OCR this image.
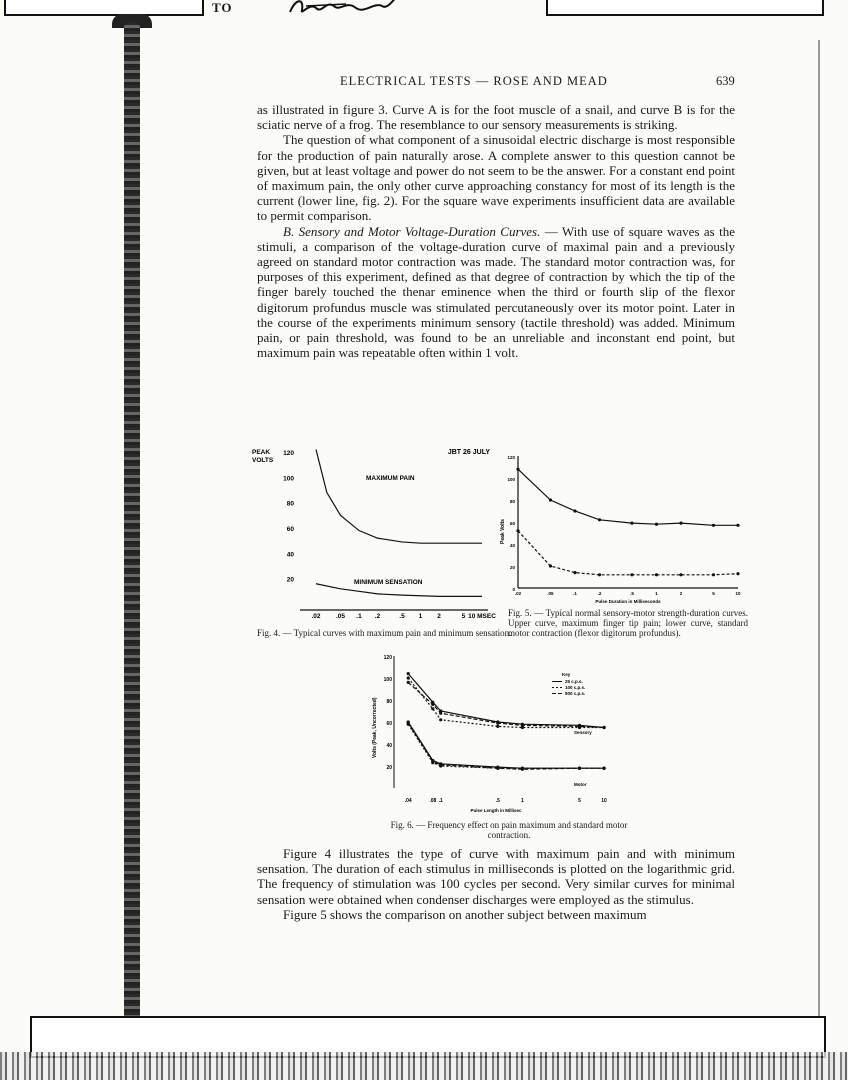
TO
ELECTRICAL TESTS — ROSE AND MEAD	639

as illustrated in figure 3. Curve A is for the foot muscle of a snail, and curve B is for the sciatic nerve of a frog. The resemblance to our sensory measurements is striking.

The question of what component of a sinusoidal electric discharge is most responsible for the production of pain naturally arose. A complete answer to this question cannot be given, but at least voltage and power do not seem to be the answer. For a constant end point of maximum pain, the only other curve approaching constancy for most of its length is the current (lower line, fig. 2). For the square wave experiments insufficient data are available to permit comparison.

B. Sensory and Motor Voltage-Duration Curves. — With use of square waves as the stimuli, a comparison of the voltage-duration curve of maximal pain and a previously agreed on standard motor contraction was made. The standard motor contraction was, for purposes of this experiment, defined as that degree of contraction by which the tip of the finger barely touched the thenar eminence when the third or fourth slip of the flexor digitorum profundus muscle was stimulated percutaneously over its motor point. Later in the course of the experiments minimum sensory (tactile threshold) was added. Minimum pain, or pain threshold, was found to be an unreliable and inconstant end point, but maximum pain was repeatable often within 1 volt.

120
100
80
60
40
20
.02 .05 .1 .2	.5 1 2	5 10 MSEC
PEAK
VOLTS
JBT 26 JULY
MAXIMUM PAIN
MINIMUM SENSATION
Fig. 4. — Typical curves with maximum pain and minimum sensation.
120
100
80
60
40
20
0
.02	.05	.1	.2	.5	1	2	5	10
Peak Volts
Pulse Duration in Milliseconds
Fig. 5. — Typical normal sensory-motor strength-duration curves. Upper curve, maximum finger tip pain; lower curve, standard motor contraction (flexor digitorum profundus).
120
100
80
60
40
20
.04	.08 .1	.5	1	5	10
Volts (Peak, Uncorrected)
Pulse Length in Millisec
Key
25 c.p.s.
100 c.p.s.
500 c.p.s.
Sensory
Motor
Fig. 6. — Frequency effect on pain maximum and standard motor contraction.

Figure 4 illustrates the type of curve with maximum pain and with minimum sensation. The duration of each stimulus in milliseconds is plotted on the logarithmic grid. The frequency of stimulation was 100 cycles per second. Very similar curves for minimal sensation were obtained when condenser discharges were employed as the stimulus.

Figure 5 shows the comparison on another subject between maximum
